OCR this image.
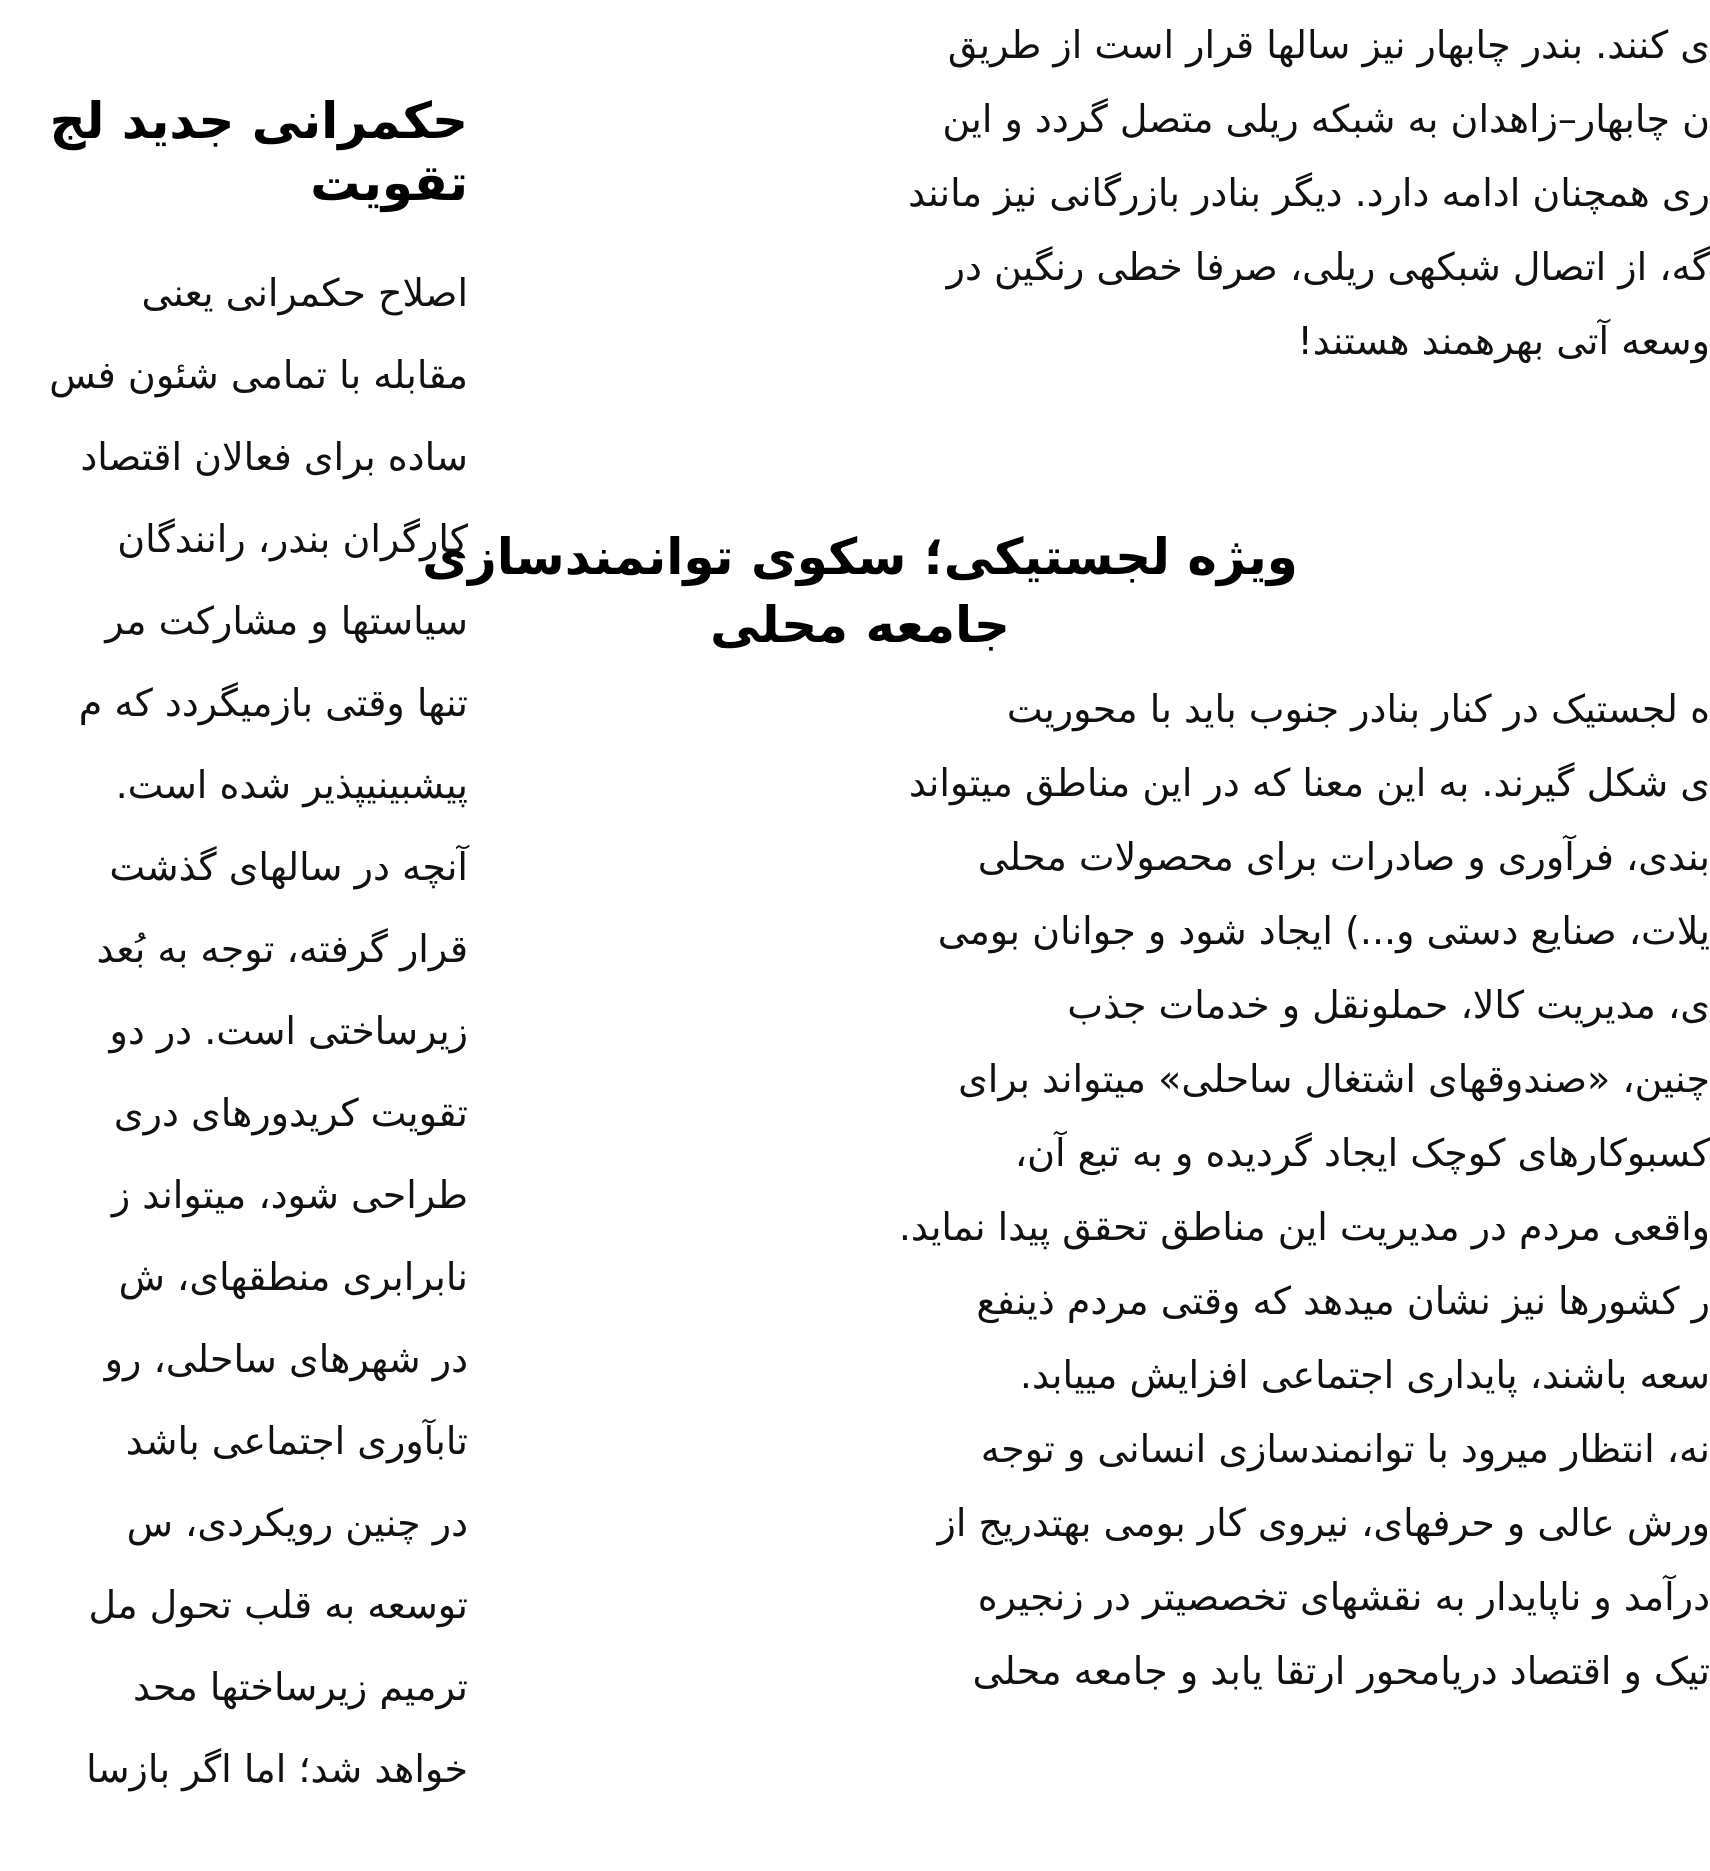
حکمرانی جدید لج
تقویت
اصلاح حکمرانی یعنی
مقابله با تمامی شئون فس
ساده برای فعالان اقتصاد
کارگران بندر، رانندگان
سیاستها و مشارکت مر
تنها وقتی بازمیگردد که م
پیشبینیپذیر شده است.
آنچه در سالهای گذشت
قرار گرفته، توجه به بُعد
زیرساختی است. در دو
تقویت کریدورهای دری
طراحی شود، میتواند ز
نابرابری منطقهای، ش
در شهرهای ساحلی، رو
تابآوری اجتماعی باشد
در چنین رویکردی، س
توسعه به قلب تحول مل
ترمیم زیرساختها محد
خواهد شد؛ اما اگر بازسا
ی کنند. بندر چابهار نیز سالها قرار است از طریق
ن چابهار–زاهدان به شبکه ریلی متصل گردد و این
ری همچنان ادامه دارد. دیگر بنادر بازرگانی نیز مانند
گه، از اتصال شبکهی ریلی، صرفا خطی رنگین در
وسعه آتی بهرهمند هستند!
ویژه لجستیکی؛ سکوی توانمندسازی
جامعه محلی
ه لجستیک در کنار بنادر جنوب باید با محوریت
ی شکل گیرند. به این معنا که در این مناطق میتواند
بندی، فرآوری و صادرات برای محصولات محلی
یلات، صنایع دستی و...) ایجاد شود و جوانان بومی
ی، مدیریت کالا، حملونقل و خدمات جذب
چنین، «صندوقهای اشتغال ساحلی» میتواند برای
کسبوکارهای کوچک ایجاد گردیده و به تبع آن،
واقعی مردم در مدیریت این مناطق تحقق پیدا نماید.
ر کشورها نیز نشان میدهد که وقتی مردم ذینفع
سعه باشند، پایداری اجتماعی افزایش مییابد.
نه، انتظار میرود با توانمندسازی انسانی و توجه
ورش عالی و حرفهای، نیروی کار بومی بهتدریج از
درآمد و ناپایدار به نقشهای تخصصیتر در زنجیره
تیک و اقتصاد دریامحور ارتقا یابد و جامعه محلی
